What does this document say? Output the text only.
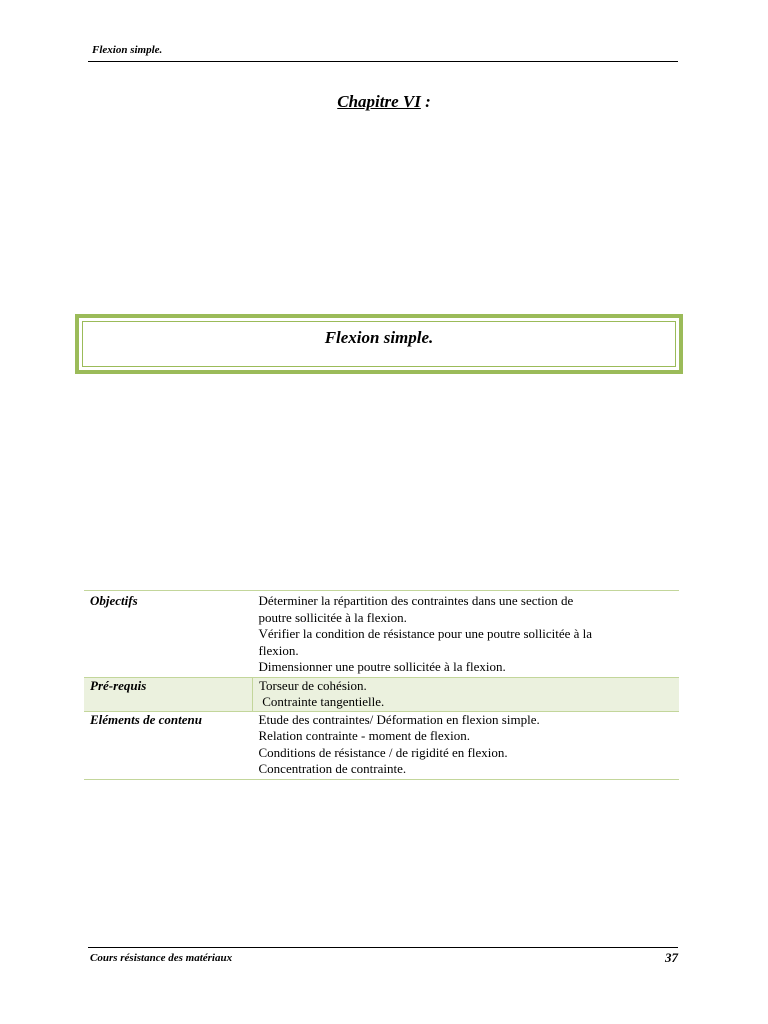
Flexion simple.
Chapitre VI :
Flexion simple.
Objectifs	Déterminer la répartition des contraintes dans une section de
poutre sollicitée à la flexion.
Vérifier la condition de résistance pour une poutre sollicitée à la
flexion.
Dimensionner une poutre sollicitée à la flexion.

Pré-requis	Torseur de cohésion.
Contrainte tangentielle.

Eléments de contenu	Etude des contraintes/ Déformation en flexion simple.
Relation contrainte - moment de flexion.
Conditions de résistance / de rigidité en flexion.
Concentration de contrainte.
Cours résistance des matériaux	37
